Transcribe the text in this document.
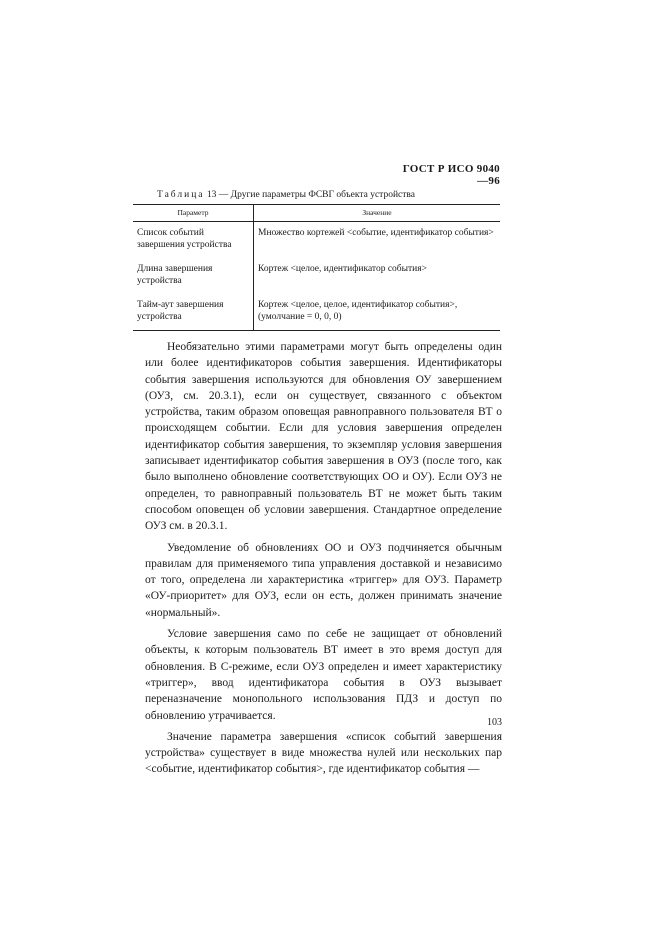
ГОСТ Р ИСО 9040—96
Таблица 13 — Другие параметры ФСВГ объекта устройства
Параметр	Значение
Список событий завершения устройства	Множество кортежей <событие, идентификатор события>
Длина завершения устройства	Кортеж <целое, идентификатор события>
Тайм-аут завершения устройства	Кортеж <целое, целое, идентификатор события>, (умолчание = 0, 0, 0)

Необязательно этими параметрами могут быть определены один или более идентификаторов события завершения. Идентификаторы события завершения используются для обновления ОУ завершением (ОУЗ, см. 20.3.1), если он существует, связанного с объектом устройства, таким образом оповещая равноправного пользователя ВТ о происходящем событии. Если для условия завершения определен идентификатор события завершения, то экземпляр условия завершения записывает идентификатор события завершения в ОУЗ (после того, как было выполнено обновление соответствующих ОО и ОУ). Если ОУЗ не определен, то равноправный пользователь ВТ не может быть таким способом оповещен об условии завершения. Стандартное определение ОУЗ см. в 20.3.1.

Уведомление об обновлениях ОО и ОУЗ подчиняется обычным правилам для применяемого типа управления доставкой и независимо от того, определена ли характеристика «триггер» для ОУЗ. Параметр «ОУ-приоритет» для ОУЗ, если он есть, должен принимать значение «нормальный».

Условие завершения само по себе не защищает от обновлений объекты, к которым пользователь ВТ имеет в это время доступ для обновления. В С-режиме, если ОУЗ определен и имеет характеристику «триггер», ввод идентификатора события в ОУЗ вызывает переназначение монопольного использования ПДЗ и доступ по обновлению утрачивается.

Значение параметра завершения «список событий завершения устройства» существует в виде множества нулей или нескольких пар <событие, идентификатор события>, где идентификатор события —

103
